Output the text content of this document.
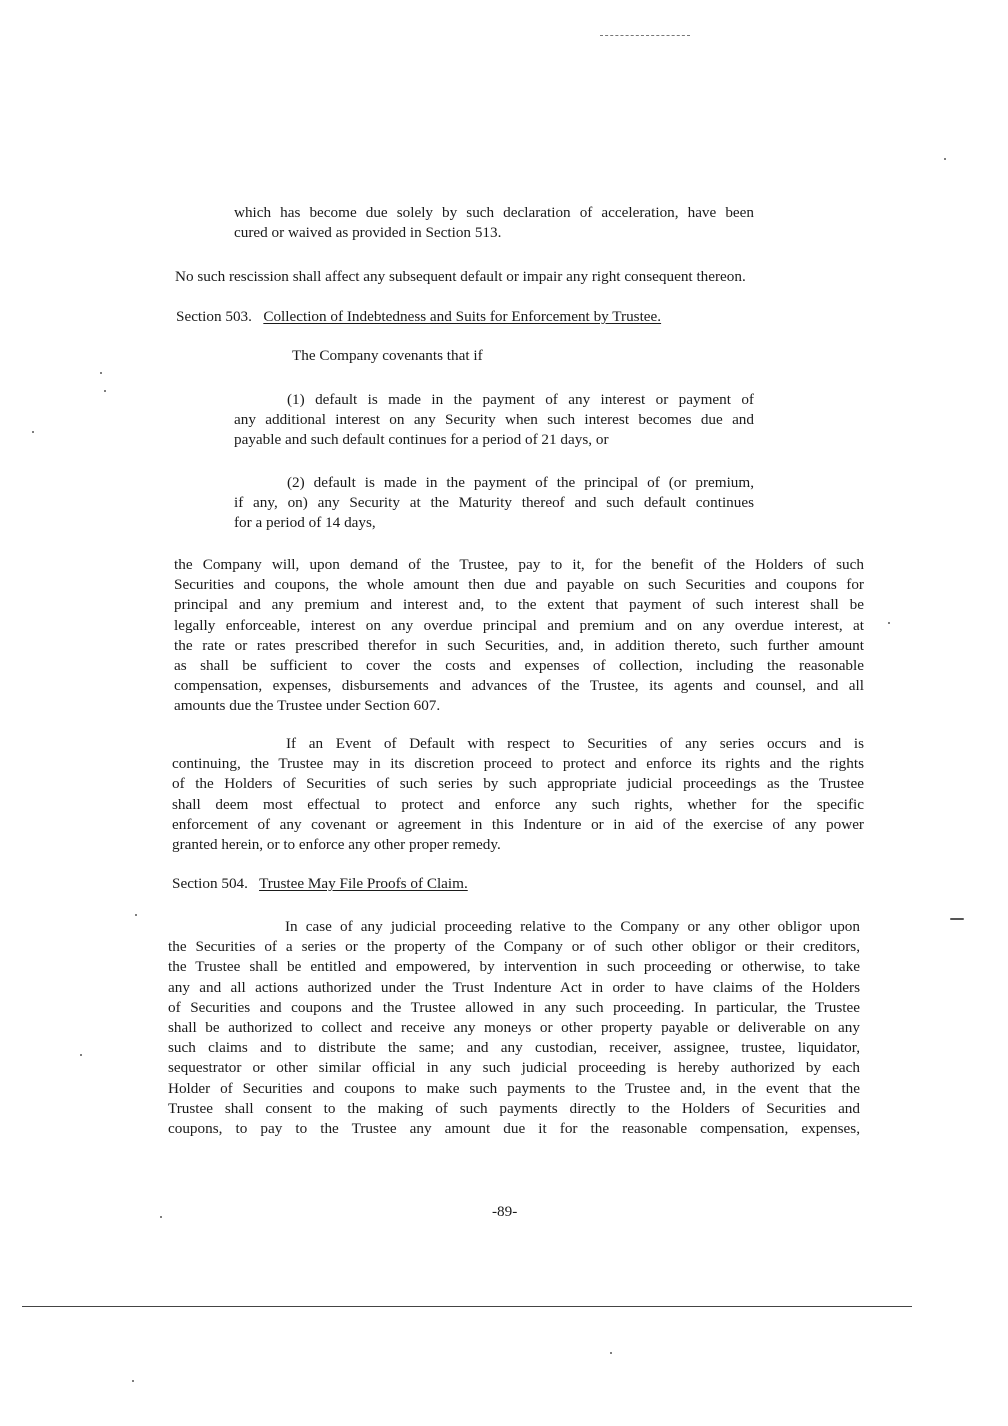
which has become due solely by such declaration of acceleration, have been
cured or waived as provided in Section 513.
No such rescission shall affect any subsequent default or impair any right consequent thereon.
Section 503. Collection of Indebtedness and Suits for Enforcement by Trustee.
The Company covenants that if
(1) default is made in the payment of any interest or payment of
any additional interest on any Security when such interest becomes due and
payable and such default continues for a period of 21 days, or
(2) default is made in the payment of the principal of (or premium,
if any, on) any Security at the Maturity thereof and such default continues
for a period of 14 days,
the Company will, upon demand of the Trustee, pay to it, for the benefit of the Holders of such
Securities and coupons, the whole amount then due and payable on such Securities and coupons for
principal and any premium and interest and, to the extent that payment of such interest shall be
legally enforceable, interest on any overdue principal and premium and on any overdue interest, at
the rate or rates prescribed therefor in such Securities, and, in addition thereto, such further amount
as shall be sufficient to cover the costs and expenses of collection, including the reasonable
compensation, expenses, disbursements and advances of the Trustee, its agents and counsel, and all
amounts due the Trustee under Section 607.
If an Event of Default with respect to Securities of any series occurs and is
continuing, the Trustee may in its discretion proceed to protect and enforce its rights and the rights
of the Holders of Securities of such series by such appropriate judicial proceedings as the Trustee
shall deem most effectual to protect and enforce any such rights, whether for the specific
enforcement of any covenant or agreement in this Indenture or in aid of the exercise of any power
granted herein, or to enforce any other proper remedy.
Section 504. Trustee May File Proofs of Claim.
In case of any judicial proceeding relative to the Company or any other obligor upon
the Securities of a series or the property of the Company or of such other obligor or their creditors,
the Trustee shall be entitled and empowered, by intervention in such proceeding or otherwise, to take
any and all actions authorized under the Trust Indenture Act in order to have claims of the Holders
of Securities and coupons and the Trustee allowed in any such proceeding. In particular, the Trustee
shall be authorized to collect and receive any moneys or other property payable or deliverable on any
such claims and to distribute the same; and any custodian, receiver, assignee, trustee, liquidator,
sequestrator or other similar official in any such judicial proceeding is hereby authorized by each
Holder of Securities and coupons to make such payments to the Trustee and, in the event that the
Trustee shall consent to the making of such payments directly to the Holders of Securities and
coupons, to pay to the Trustee any amount due it for the reasonable compensation, expenses,
-89-
